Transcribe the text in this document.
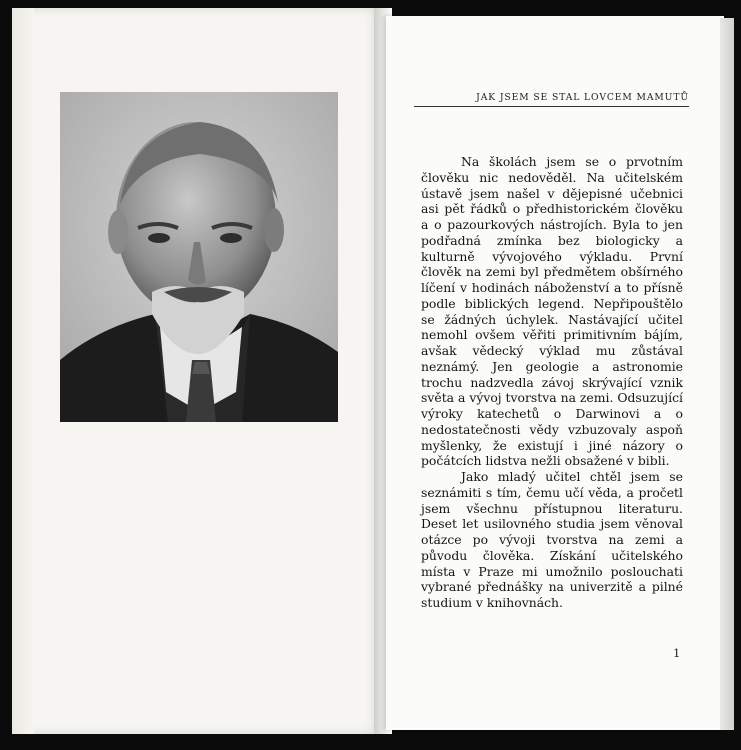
JAK JSEM SE STAL LOVCEM MAMUTŮ

Na školách jsem se o prvotním člověku nic nedověděl. Na učitelském ústavě jsem našel v dějepisné učebnici asi pět řádků o předhistorickém člověku a o pazourkových nástrojích. Byla to jen podřadná zmínka bez biologicky a kulturně vývojového výkladu. První člověk na zemi byl předmětem obšírného líčení v hodinách náboženství a to přísně podle biblických legend. Nepřipouštělo se žádných úchylek. Nastávající učitel nemohl ovšem věřiti primitivním bájím, avšak vědecký výklad mu zůstával neznámý. Jen geologie a astronomie trochu nadzvedla závoj skrývající vznik světa a vývoj tvorstva na zemi. Odsuzující výroky katechetů o Darwinovi a o nedostatečnosti vědy vzbuzovaly aspoň myšlenky, že existují i jiné názory o počátcích lidstva nežli obsažené v bibli.

Jako mladý učitel chtěl jsem se seznámiti s tím, čemu učí věda, a pročetl jsem všechnu přístupnou literaturu. Deset let usilovného studia jsem věnoval otázce po vývoji tvorstva na zemi a původu člověka. Získání učitelského místa v Praze mi umožnilo poslouchati vybrané přednášky na univerzitě a pilné studium v knihovnách.

1
